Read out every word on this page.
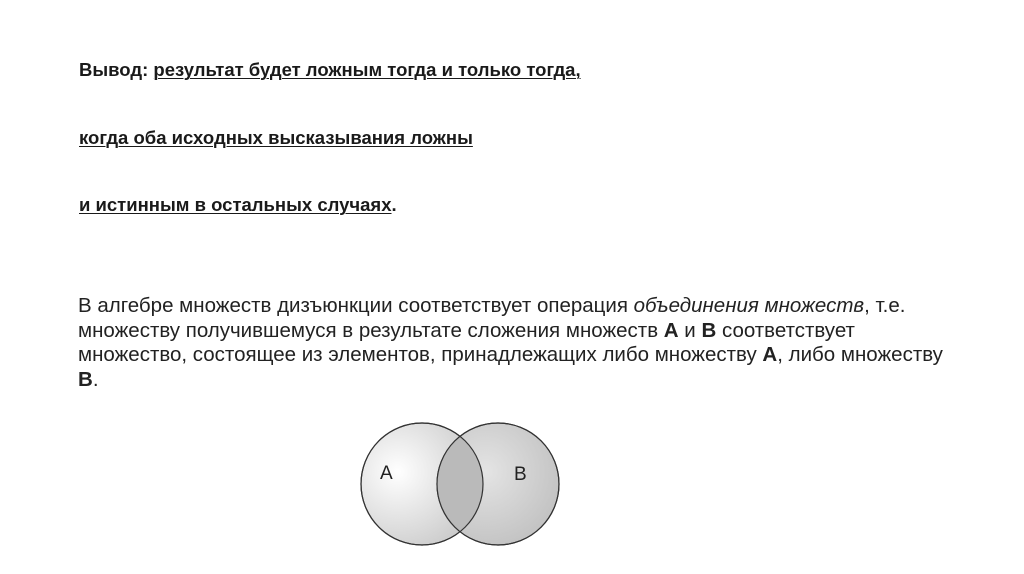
Вывод: результат будет ложным тогда и только тогда,
когда оба исходных высказывания ложны
и истинным в остальных случаях.
В алгебре множеств дизъюнкции соответствует операция объединения множеств, т.е. множеству получившемуся в результате сложения множеств A и B соответствует множество, состоящее из элементов, принадлежащих либо множеству A, либо множеству B.
A	B
